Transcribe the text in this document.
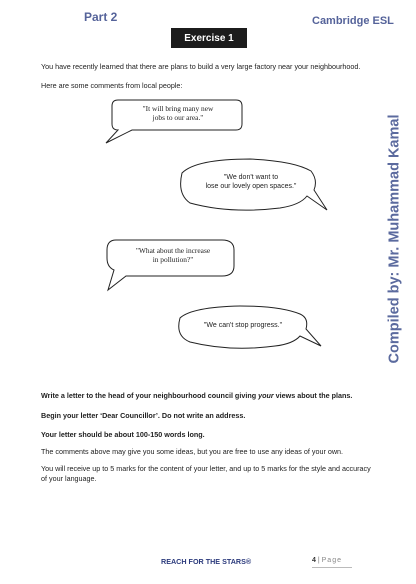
Part 2	Cambridge ESL
Exercise 1
You have recently learned that there are plans to build a very large factory near your neighbourhood.
Here are some comments from local people:
"It will bring many new
jobs to our area."
"We don't want to
lose our lovely open spaces."
"What about the increase
in pollution?"
"We can't stop progress."
Write a letter to the head of your neighbourhood council giving your views about the plans.
Begin your letter ‘Dear Councillor’. Do not write an address.
Your letter should be about 100-150 words long.
The comments above may give you some ideas, but you are free to use any ideas of your own.
You will receive up to 5 marks for the content of your letter, and up to 5 marks for the style and accuracy of your language.
Compiled by: Mr. Muhammad Kamal
REACH FOR THE STARS®	4 | Page
